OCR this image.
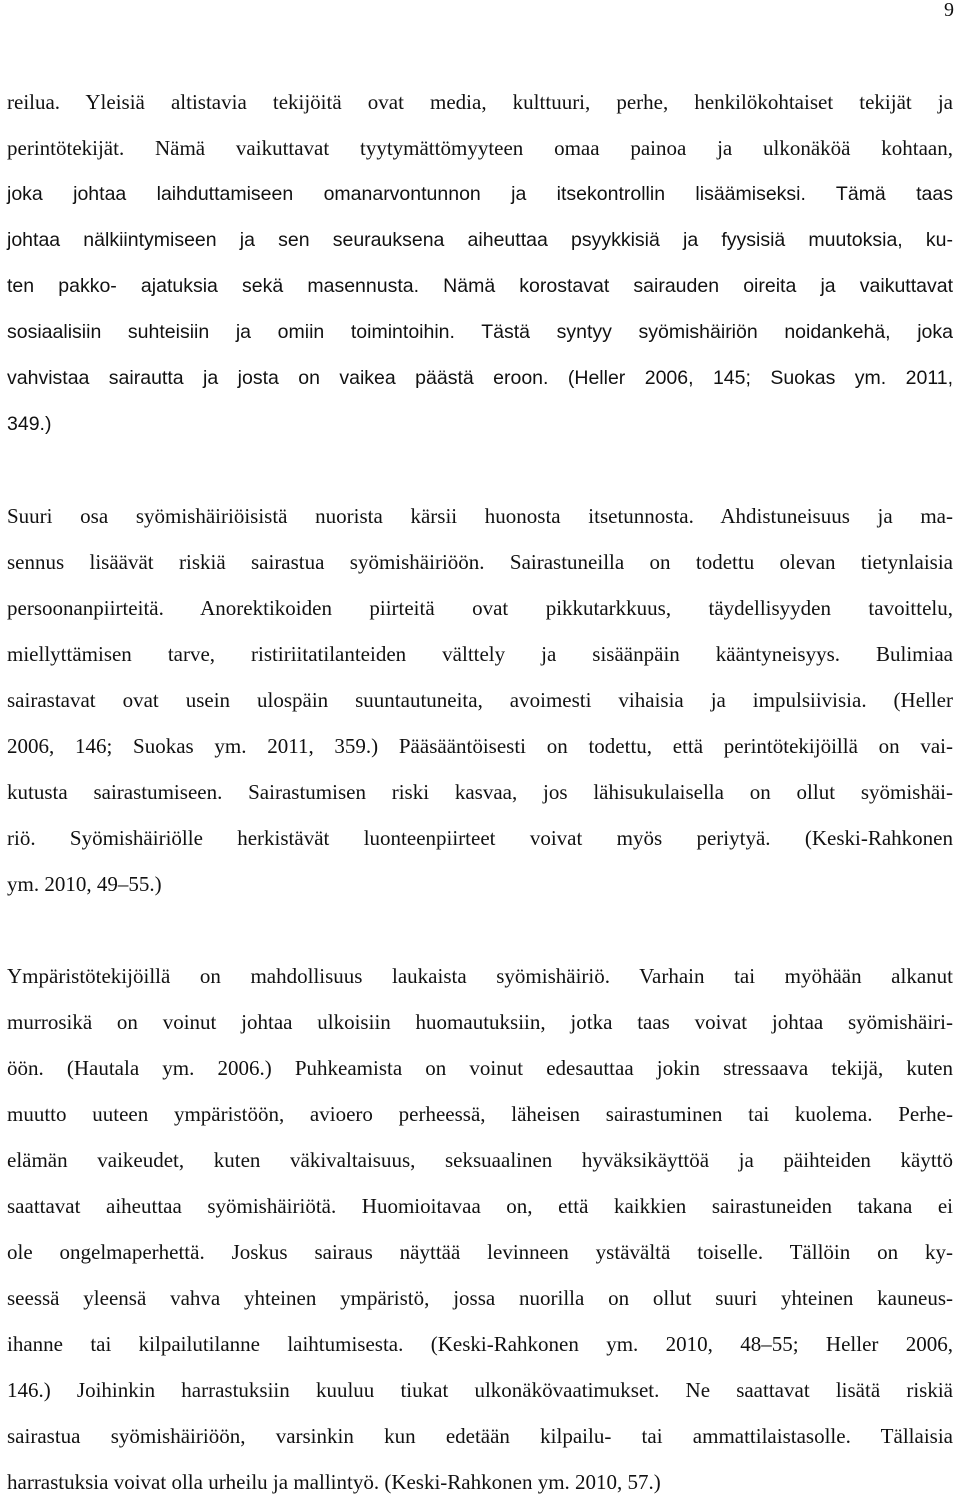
9
reilua. Yleisiä altistavia tekijöitä ovat media, kulttuuri, perhe, henkilökohtaiset tekijät ja
perintötekijät. Nämä vaikuttavat tyytymättömyyteen omaa painoa ja ulkonäköä kohtaan,
joka johtaa laihduttamiseen omanarvontunnon ja itsekontrollin lisäämiseksi. Tämä taas
johtaa nälkiintymiseen ja sen seurauksena aiheuttaa psyykkisiä ja fyysisiä muutoksia, ku-
ten pakko- ajatuksia sekä masennusta. Nämä korostavat sairauden oireita ja vaikuttavat
sosiaalisiin suhteisiin ja omiin toimintoihin. Tästä syntyy syömishäiriön noidankehä, joka
vahvistaa sairautta ja josta on vaikea päästä eroon. (Heller 2006, 145; Suokas ym. 2011,
349.)
Suuri osa syömishäiriöisistä nuorista kärsii huonosta itsetunnosta. Ahdistuneisuus ja ma-
sennus lisäävät riskiä sairastua syömishäiriöön. Sairastuneilla on todettu olevan tietynlaisia
persoonanpiirteitä. Anorektikoiden piirteitä ovat pikkutarkkuus, täydellisyyden tavoittelu,
miellyttämisen tarve, ristiriitatilanteiden välttely ja sisäänpäin kääntyneisyys. Bulimiaa
sairastavat ovat usein ulospäin suuntautuneita, avoimesti vihaisia ja impulsiivisia. (Heller
2006, 146; Suokas ym. 2011, 359.) Pääsääntöisesti on todettu, että perintötekijöillä on vai-
kutusta sairastumiseen. Sairastumisen riski kasvaa, jos lähisukulaisella on ollut syömishäi-
riö. Syömishäiriölle herkistävät luonteenpiirteet voivat myös periytyä. (Keski-Rahkonen
ym. 2010, 49–55.)
Ympäristötekijöillä on mahdollisuus laukaista syömishäiriö. Varhain tai myöhään alkanut
murrosikä on voinut johtaa ulkoisiin huomautuksiin, jotka taas voivat johtaa syömishäiri-
öön. (Hautala ym. 2006.) Puhkeamista on voinut edesauttaa jokin stressaava tekijä, kuten
muutto uuteen ympäristöön, avioero perheessä, läheisen sairastuminen tai kuolema. Perhe-
elämän vaikeudet, kuten väkivaltaisuus, seksuaalinen hyväksikäyttöä ja päihteiden käyttö
saattavat aiheuttaa syömishäiriötä. Huomioitavaa on, että kaikkien sairastuneiden takana ei
ole ongelmaperhettä. Joskus sairaus näyttää levinneen ystävältä toiselle. Tällöin on ky-
seessä yleensä vahva yhteinen ympäristö, jossa nuorilla on ollut suuri yhteinen kauneus-
ihanne tai kilpailutilanne laihtumisesta. (Keski-Rahkonen ym. 2010, 48–55; Heller 2006,
146.) Joihinkin harrastuksiin kuuluu tiukat ulkonäkövaatimukset. Ne saattavat lisätä riskiä
sairastua syömishäiriöön, varsinkin kun edetään kilpailu- tai ammattilaistasolle. Tällaisia
harrastuksia voivat olla urheilu ja mallintyö. (Keski-Rahkonen ym. 2010, 57.)
